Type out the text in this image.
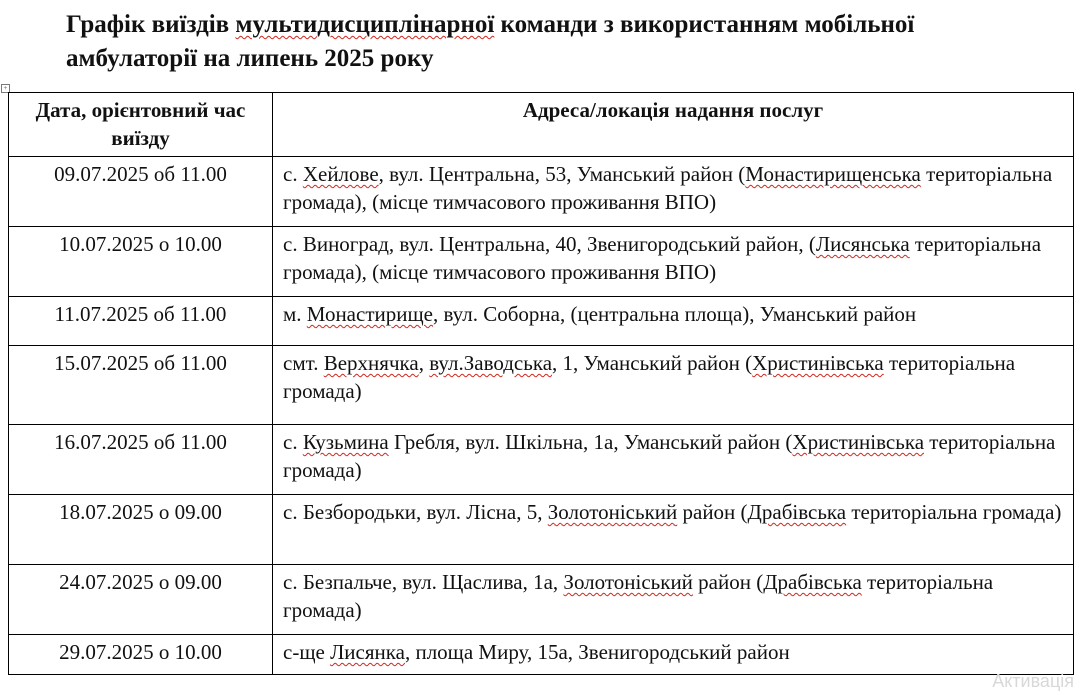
Графік виїздів мультидисциплінарної команди з використанням мобільної
амбулаторії на липень 2025 року
+
Дата, орієнтовний час виїзду	Адреса/локація надання послуг
09.07.2025 об 11.00	с. Хейлове, вул. Центральна, 53, Уманський район (Монастирищенська територіальна громада), (місце тимчасового проживання ВПО)
10.07.2025 о 10.00	с. Виноград, вул. Центральна, 40, Звенигородський район, (Лисянська територіальна громада), (місце тимчасового проживання ВПО)
11.07.2025 об 11.00	м. Монастирище, вул. Соборна, (центральна площа), Уманський район
15.07.2025 об 11.00	смт. Верхнячка, вул.Заводська, 1, Уманський район (Христинівська територіальна громада)
16.07.2025 об 11.00	с. Кузьмина Гребля, вул. Шкільна, 1а, Уманський район (Христинівська територіальна громада)
18.07.2025 о 09.00	с. Безбородьки, вул. Лісна, 5, Золотоніський район (Драбівська територіальна громада)
24.07.2025 о 09.00	с. Безпальче, вул. Щаслива, 1а, Золотоніський район (Драбівська територіальна громада)
29.07.2025 о 10.00	с-ще Лисянка, площа Миру, 15а, Звенигородський район
Активація
